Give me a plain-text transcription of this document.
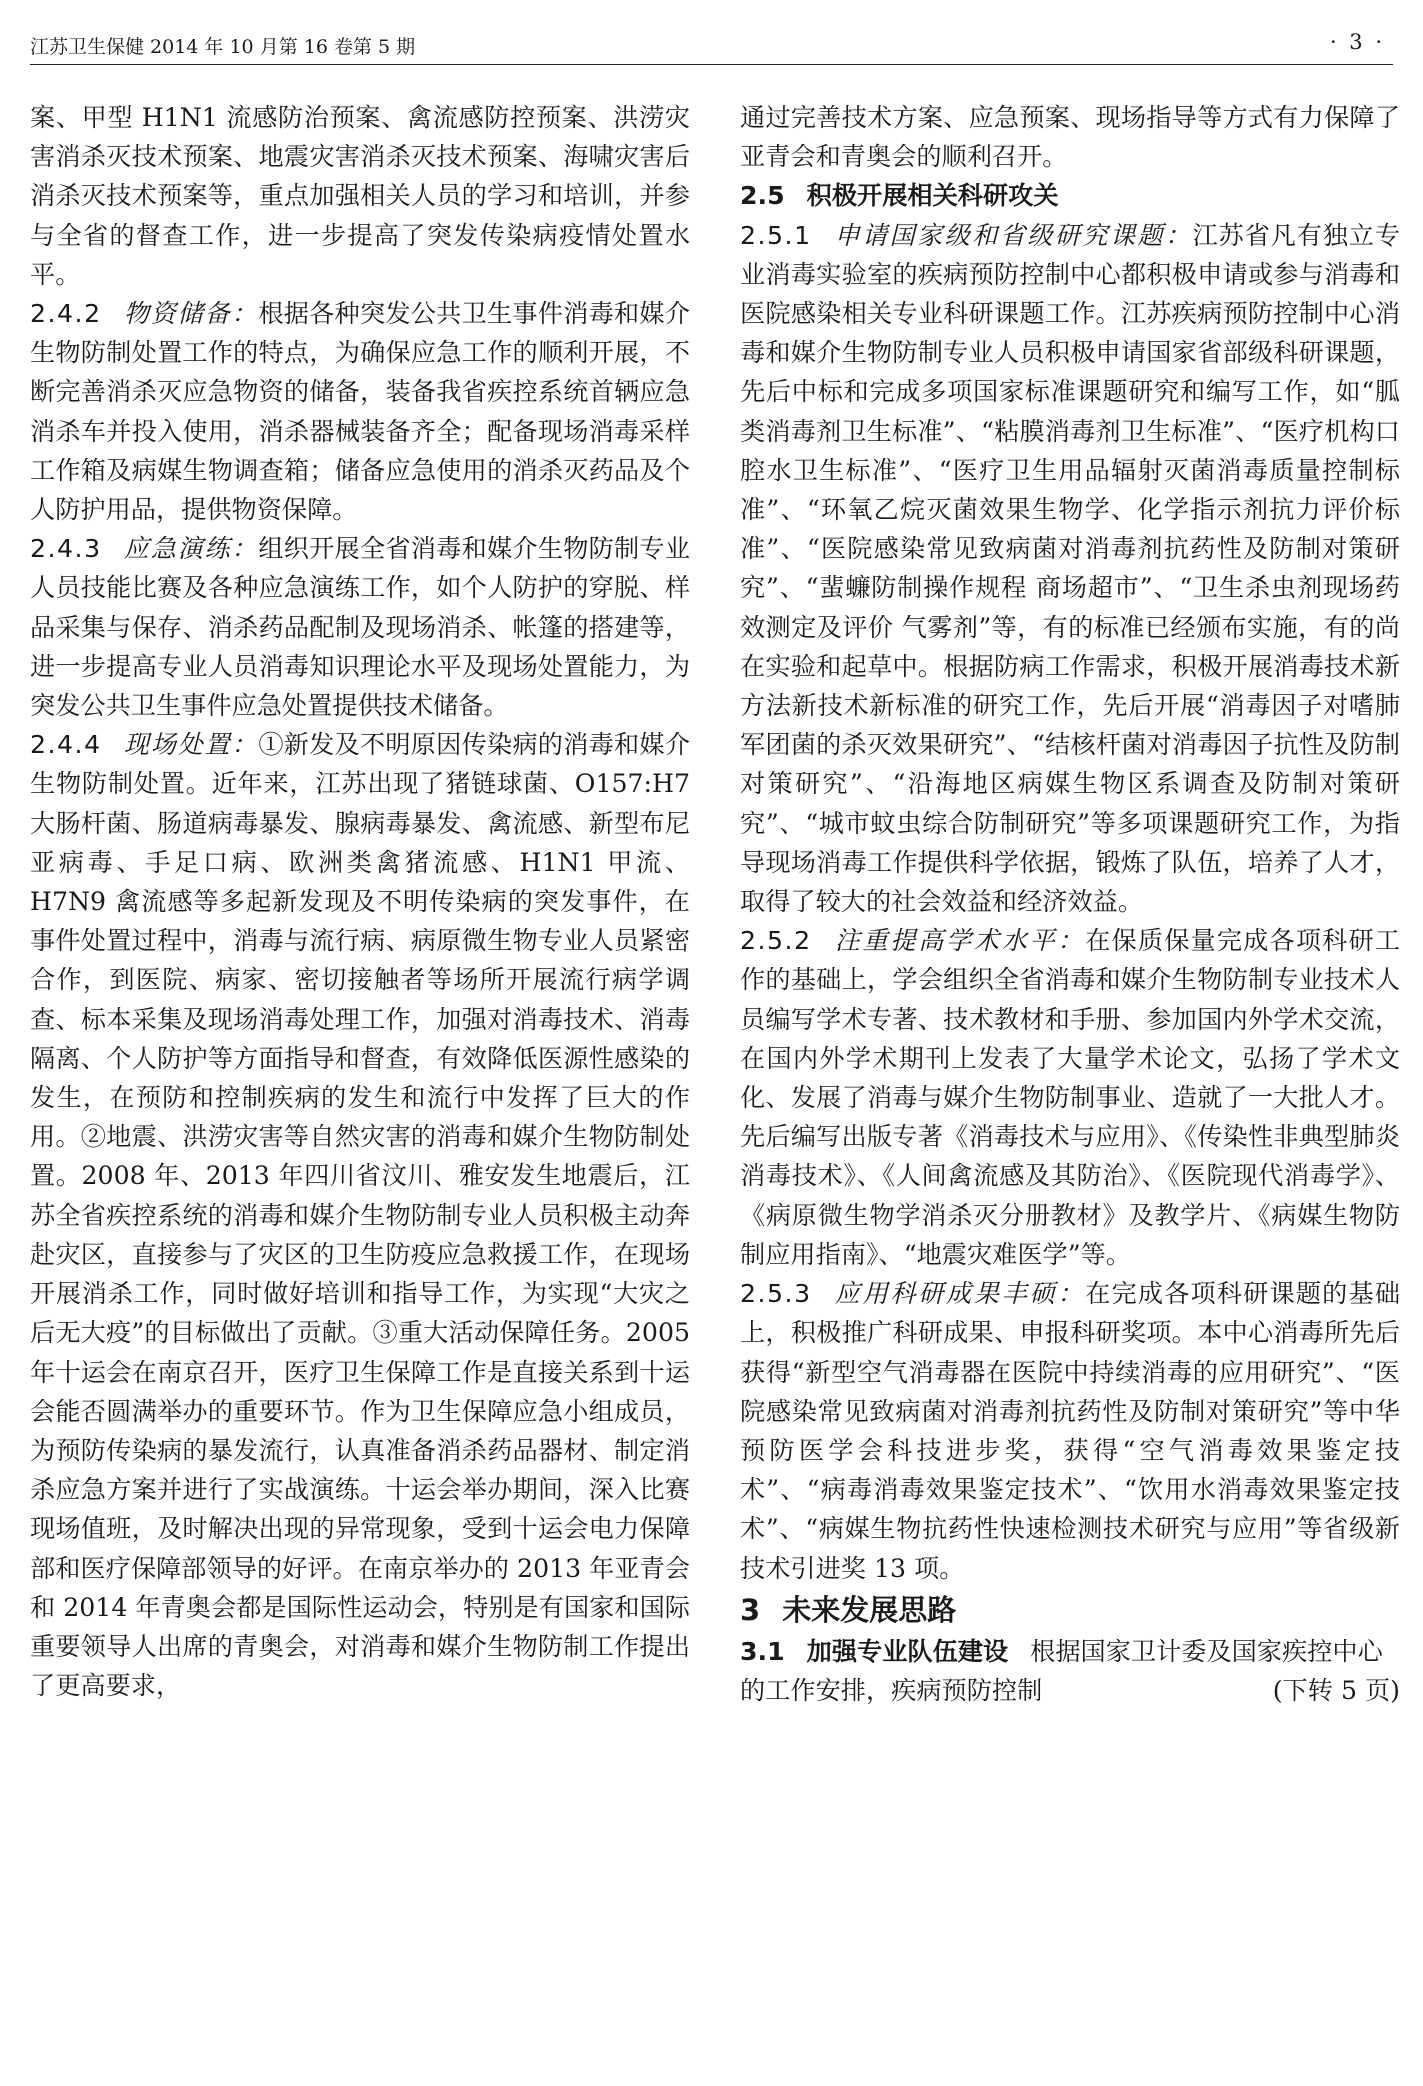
江苏卫生保健 2014 年 10 月第 16 卷第 5 期	· 3 ·

案、甲型 H1N1 流感防治预案、禽流感防控预案、洪涝灾害消杀灭技术预案、地震灾害消杀灭技术预案、海啸灾害后消杀灭技术预案等，重点加强相关人员的学习和培训，并参与全省的督查工作，进一步提高了突发传染病疫情处置水平。

2.4.2 物资储备：根据各种突发公共卫生事件消毒和媒介生物防制处置工作的特点，为确保应急工作的顺利开展，不断完善消杀灭应急物资的储备，装备我省疾控系统首辆应急消杀车并投入使用，消杀器械装备齐全；配备现场消毒采样工作箱及病媒生物调查箱；储备应急使用的消杀灭药品及个人防护用品，提供物资保障。

2.4.3 应急演练：组织开展全省消毒和媒介生物防制专业人员技能比赛及各种应急演练工作，如个人防护的穿脱、样品采集与保存、消杀药品配制及现场消杀、帐篷的搭建等，进一步提高专业人员消毒知识理论水平及现场处置能力，为突发公共卫生事件应急处置提供技术储备。

2.4.4 现场处置：①新发及不明原因传染病的消毒和媒介生物防制处置。近年来，江苏出现了猪链球菌、O157:H7 大肠杆菌、肠道病毒暴发、腺病毒暴发、禽流感、新型布尼亚病毒、手足口病、欧洲类禽猪流感、H1N1 甲流、H7N9 禽流感等多起新发现及不明传染病的突发事件，在事件处置过程中，消毒与流行病、病原微生物专业人员紧密合作，到医院、病家、密切接触者等场所开展流行病学调查、标本采集及现场消毒处理工作，加强对消毒技术、消毒隔离、个人防护等方面指导和督查，有效降低医源性感染的发生，在预防和控制疾病的发生和流行中发挥了巨大的作用。②地震、洪涝灾害等自然灾害的消毒和媒介生物防制处置。2008 年、2013 年四川省汶川、雅安发生地震后，江苏全省疾控系统的消毒和媒介生物防制专业人员积极主动奔赴灾区，直接参与了灾区的卫生防疫应急救援工作，在现场开展消杀工作，同时做好培训和指导工作，为实现“大灾之后无大疫”的目标做出了贡献。③重大活动保障任务。2005 年十运会在南京召开，医疗卫生保障工作是直接关系到十运会能否圆满举办的重要环节。作为卫生保障应急小组成员，为预防传染病的暴发流行，认真准备消杀药品器材、制定消杀应急方案并进行了实战演练。十运会举办期间，深入比赛现场值班，及时解决出现的异常现象，受到十运会电力保障部和医疗保障部领导的好评。在南京举办的 2013 年亚青会和 2014 年青奥会都是国际性运动会，特别是有国家和国际重要领导人出席的青奥会，对消毒和媒介生物防制工作提出了更高要求，

通过完善技术方案、应急预案、现场指导等方式有力保障了亚青会和青奥会的顺利召开。

2.5 积极开展相关科研攻关

2.5.1 申请国家级和省级研究课题：江苏省凡有独立专业消毒实验室的疾病预防控制中心都积极申请或参与消毒和医院感染相关专业科研课题工作。江苏疾病预防控制中心消毒和媒介生物防制专业人员积极申请国家省部级科研课题，先后中标和完成多项国家标准课题研究和编写工作，如“胍类消毒剂卫生标准”、“粘膜消毒剂卫生标准”、“医疗机构口腔水卫生标准”、“医疗卫生用品辐射灭菌消毒质量控制标准”、“环氧乙烷灭菌效果生物学、化学指示剂抗力评价标准”、“医院感染常见致病菌对消毒剂抗药性及防制对策研究”、“蜚蠊防制操作规程 商场超市”、“卫生杀虫剂现场药效测定及评价 气雾剂”等，有的标准已经颁布实施，有的尚在实验和起草中。根据防病工作需求，积极开展消毒技术新方法新技术新标准的研究工作，先后开展“消毒因子对嗜肺军团菌的杀灭效果研究”、“结核杆菌对消毒因子抗性及防制对策研究”、“沿海地区病媒生物区系调查及防制对策研究”、“城市蚊虫综合防制研究”等多项课题研究工作，为指导现场消毒工作提供科学依据，锻炼了队伍，培养了人才，取得了较大的社会效益和经济效益。

2.5.2 注重提高学术水平：在保质保量完成各项科研工作的基础上，学会组织全省消毒和媒介生物防制专业技术人员编写学术专著、技术教材和手册、参加国内外学术交流，在国内外学术期刊上发表了大量学术论文，弘扬了学术文化、发展了消毒与媒介生物防制事业、造就了一大批人才。先后编写出版专著《消毒技术与应用》、《传染性非典型肺炎消毒技术》、《人间禽流感及其防治》、《医院现代消毒学》、《病原微生物学消杀灭分册教材》及教学片、《病媒生物防制应用指南》、“地震灾难医学”等。

2.5.3 应用科研成果丰硕：在完成各项科研课题的基础上，积极推广科研成果、申报科研奖项。本中心消毒所先后获得“新型空气消毒器在医院中持续消毒的应用研究”、“医院感染常见致病菌对消毒剂抗药性及防制对策研究”等中华预防医学会科技进步奖，获得“空气消毒效果鉴定技术”、“病毒消毒效果鉴定技术”、“饮用水消毒效果鉴定技术”、“病媒生物抗药性快速检测技术研究与应用”等省级新技术引进奖 13 项。

3 未来发展思路

3.1 加强专业队伍建设 根据国家卫计委及国家疾控中心的工作安排，疾病预防控制	(下转 5 页)
